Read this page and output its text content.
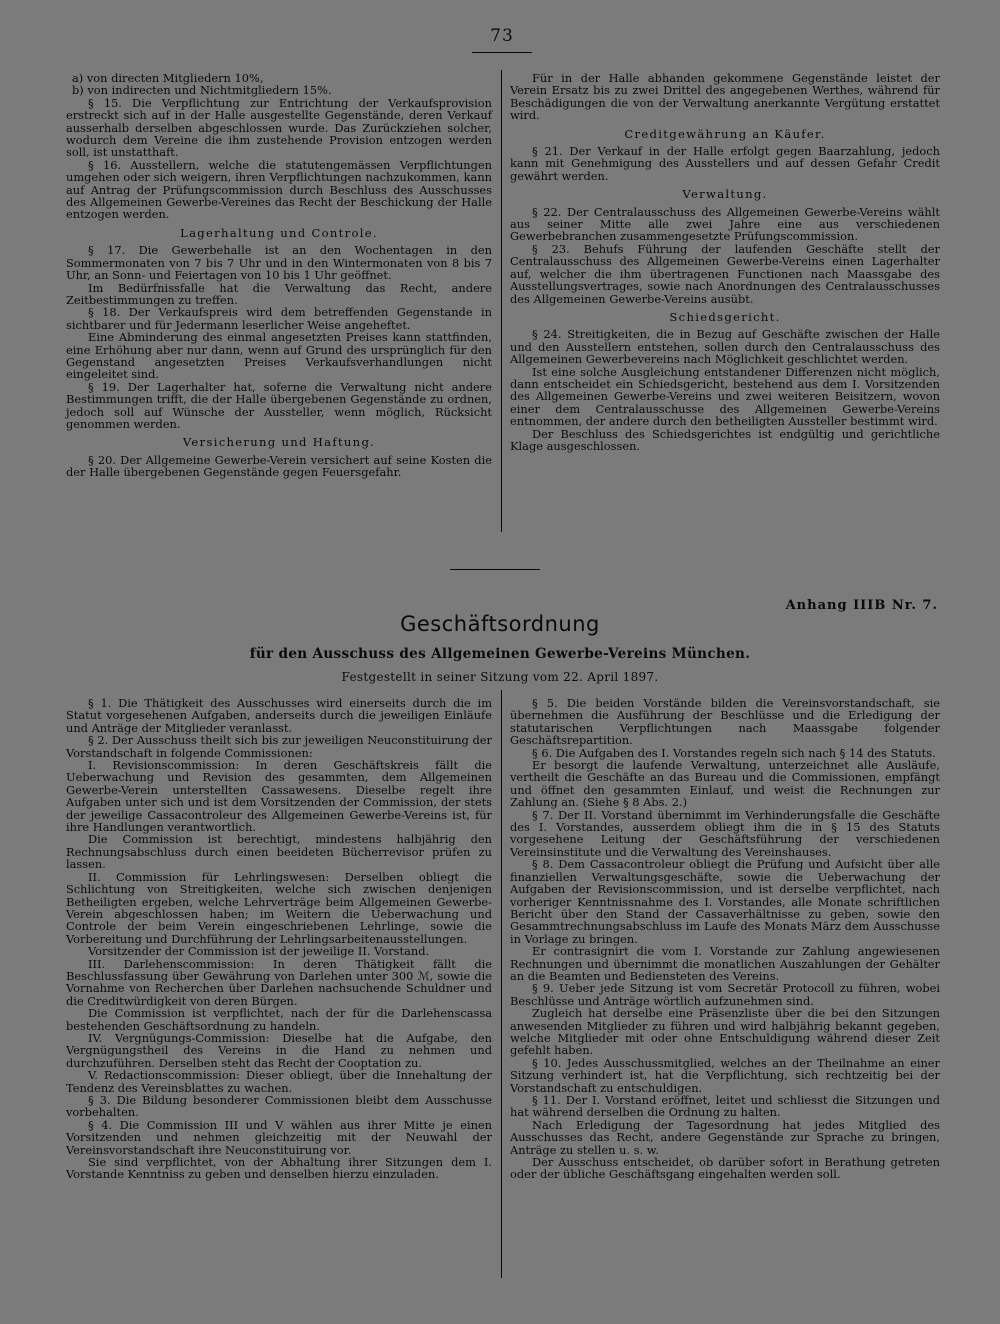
73

a) von directen Mitgliedern 10%,

b) von indirecten und Nichtmitgliedern 15%.

§ 15. Die Verpflichtung zur Entrichtung der Verkaufsprovision erstreckt sich auf in der Halle ausgestellte Gegenstände, deren Verkauf ausserhalb derselben abgeschlossen wurde. Das Zurückziehen solcher, wodurch dem Vereine die ihm zustehende Provision entzogen werden soll, ist unstatthaft.

§ 16. Ausstellern, welche die statutengemässen Verpflichtungen umgehen oder sich weigern, ihren Verpflichtungen nachzukommen, kann auf Antrag der Prüfungscommission durch Beschluss des Ausschusses des Allgemeinen Gewerbe-Vereines das Recht der Beschickung der Halle entzogen werden.

Lagerhaltung und Controle.

§ 17. Die Gewerbehalle ist an den Wochentagen in den Sommermonaten von 7 bis 7 Uhr und in den Wintermonaten von 8 bis 7 Uhr, an Sonn- und Feiertagen von 10 bis 1 Uhr geöffnet.

Im Bedürfnissfalle hat die Verwaltung das Recht, andere Zeitbestimmungen zu treffen.

§ 18. Der Verkaufspreis wird dem betreffenden Gegenstande in sichtbarer und für Jedermann leserlicher Weise angeheftet.

Eine Abminderung des einmal angesetzten Preises kann stattfinden, eine Erhöhung aber nur dann, wenn auf Grund des ursprünglich für den Gegenstand angesetzten Preises Verkaufsverhandlungen nicht eingeleitet sind.

§ 19. Der Lagerhalter hat, soferne die Verwaltung nicht andere Bestimmungen trifft, die der Halle übergebenen Gegenstände zu ordnen, jedoch soll auf Wünsche der Aussteller, wenn möglich, Rücksicht genommen werden.

Versicherung und Haftung.

§ 20. Der Allgemeine Gewerbe-Verein versichert auf seine Kosten die der Halle übergebenen Gegenstände gegen Feuersgefahr.

Für in der Halle abhanden gekommene Gegenstände leistet der Verein Ersatz bis zu zwei Drittel des angegebenen Werthes, während für Beschädigungen die von der Verwaltung anerkannte Vergütung erstattet wird.

Creditgewährung an Käufer.

§ 21. Der Verkauf in der Halle erfolgt gegen Baarzahlung, jedoch kann mit Genehmigung des Ausstellers und auf dessen Gefahr Credit gewährt werden.

Verwaltung.

§ 22. Der Centralausschuss des Allgemeinen Gewerbe-Vereins wählt aus seiner Mitte alle zwei Jahre eine aus verschiedenen Gewerbebranchen zusammengesetzte Prüfungscommission.

§ 23. Behufs Führung der laufenden Geschäfte stellt der Centralausschuss des Allgemeinen Gewerbe-Vereins einen Lagerhalter auf, welcher die ihm übertragenen Functionen nach Maassgabe des Ausstellungsvertrages, sowie nach Anordnungen des Centralausschusses des Allgemeinen Gewerbe-Vereins ausübt.

Schiedsgericht.

§ 24. Streitigkeiten, die in Bezug auf Geschäfte zwischen der Halle und den Ausstellern entstehen, sollen durch den Centralausschuss des Allgemeinen Gewerbevereins nach Möglichkeit geschlichtet werden.

Ist eine solche Ausgleichung entstandener Differenzen nicht möglich, dann entscheidet ein Schiedsgericht, bestehend aus dem I. Vorsitzenden des Allgemeinen Gewerbe-Vereins und zwei weiteren Beisitzern, wovon einer dem Centralausschusse des Allgemeinen Gewerbe-Vereins entnommen, der andere durch den betheiligten Aussteller bestimmt wird.

Der Beschluss des Schiedsgerichtes ist endgültig und gerichtliche Klage ausgeschlossen.

Anhang IIIB Nr. 7.
Geschäftsordnung
für den Ausschuss des Allgemeinen Gewerbe-Vereins München.
Festgestellt in seiner Sitzung vom 22. April 1897.

§ 1. Die Thätigkeit des Ausschusses wird einerseits durch die im Statut vorgesehenen Aufgaben, anderseits durch die jeweiligen Einläufe und Anträge der Mitglieder veranlasst.

§ 2. Der Ausschuss theilt sich bis zur jeweiligen Neuconstituirung der Vorstandschaft in folgende Commissionen:

I. Revisionscommission: In deren Geschäftskreis fällt die Ueberwachung und Revision des gesammten, dem Allgemeinen Gewerbe-Verein unterstellten Cassawesens. Dieselbe regelt ihre Aufgaben unter sich und ist dem Vorsitzenden der Commission, der stets der jeweilige Cassacontroleur des Allgemeinen Gewerbe-Vereins ist, für ihre Handlungen verantwortlich.

Die Commission ist berechtigt, mindestens halbjährig den Rechnungsabschluss durch einen beeideten Bücherrevisor prüfen zu lassen.

II. Commission für Lehrlingswesen: Derselben obliegt die Schlichtung von Streitigkeiten, welche sich zwischen denjenigen Betheiligten ergeben, welche Lehrverträge beim Allgemeinen Gewerbe-Verein abgeschlossen haben; im Weitern die Ueberwachung und Controle der beim Verein eingeschriebenen Lehrlinge, sowie die Vorbereitung und Durchführung der Lehrlingsarbeitenausstellungen.

Vorsitzender der Commission ist der jeweilige II. Vorstand.

III. Darlehenscommission: In deren Thätigkeit fällt die Beschlussfassung über Gewährung von Darlehen unter 300 ℳ, sowie die Vornahme von Recherchen über Darlehen nachsuchende Schuldner und die Creditwürdigkeit von deren Bürgen.

Die Commission ist verpflichtet, nach der für die Darlehenscassa bestehenden Geschäftsordnung zu handeln.

IV. Vergnügungs-Commission: Dieselbe hat die Aufgabe, den Vergnügungstheil des Vereins in die Hand zu nehmen und durchzuführen. Derselben steht das Recht der Cooptation zu.

V. Redactionscommission: Dieser obliegt, über die Innehaltung der Tendenz des Vereinsblattes zu wachen.

§ 3. Die Bildung besonderer Commissionen bleibt dem Ausschusse vorbehalten.

§ 4. Die Commission III und V wählen aus ihrer Mitte je einen Vorsitzenden und nehmen gleichzeitig mit der Neuwahl der Vereinsvorstandschaft ihre Neuconstituirung vor.

Sie sind verpflichtet, von der Abhaltung ihrer Sitzungen dem I. Vorstande Kenntniss zu geben und denselben hierzu einzuladen.

§ 5. Die beiden Vorstände bilden die Vereinsvorstandschaft, sie übernehmen die Ausführung der Beschlüsse und die Erledigung der statutarischen Verpflichtungen nach Maassgabe folgender Geschäftsrepartition.

§ 6. Die Aufgaben des I. Vorstandes regeln sich nach § 14 des Statuts.

Er besorgt die laufende Verwaltung, unterzeichnet alle Ausläufe, vertheilt die Geschäfte an das Bureau und die Commissionen, empfängt und öffnet den gesammten Einlauf, und weist die Rechnungen zur Zahlung an. (Siehe § 8 Abs. 2.)

§ 7. Der II. Vorstand übernimmt im Verhinderungsfalle die Geschäfte des I. Vorstandes, ausserdem obliegt ihm die in § 15 des Statuts vorgesehene Leitung der Geschäftsführung der verschiedenen Vereinsinstitute und die Verwaltung des Vereinshauses.

§ 8. Dem Cassacontroleur obliegt die Prüfung und Aufsicht über alle finanziellen Verwaltungsgeschäfte, sowie die Ueberwachung der Aufgaben der Revisionscommission, und ist derselbe verpflichtet, nach vorheriger Kenntnissnahme des I. Vorstandes, alle Monate schriftlichen Bericht über den Stand der Cassaverhältnisse zu geben, sowie den Gesammtrechnungsabschluss im Laufe des Monats März dem Ausschusse in Vorlage zu bringen.

Er contrasignirt die vom I. Vorstande zur Zahlung angewiesenen Rechnungen und übernimmt die monatlichen Auszahlungen der Gehälter an die Beamten und Bediensteten des Vereins.

§ 9. Ueber jede Sitzung ist vom Secretär Protocoll zu führen, wobei Beschlüsse und Anträge wörtlich aufzunehmen sind.

Zugleich hat derselbe eine Präsenzliste über die bei den Sitzungen anwesenden Mitglieder zu führen und wird halbjährig bekannt gegeben, welche Mitglieder mit oder ohne Entschuldigung während dieser Zeit gefehlt haben.

§ 10. Jedes Ausschussmitglied, welches an der Theilnahme an einer Sitzung verhindert ist, hat die Verpflichtung, sich rechtzeitig bei der Vorstandschaft zu entschuldigen.

§ 11. Der I. Vorstand eröffnet, leitet und schliesst die Sitzungen und hat während derselben die Ordnung zu halten.

Nach Erledigung der Tagesordnung hat jedes Mitglied des Ausschusses das Recht, andere Gegenstände zur Sprache zu bringen, Anträge zu stellen u. s. w.

Der Ausschuss entscheidet, ob darüber sofort in Berathung getreten oder der übliche Geschäftsgang eingehalten werden soll.
